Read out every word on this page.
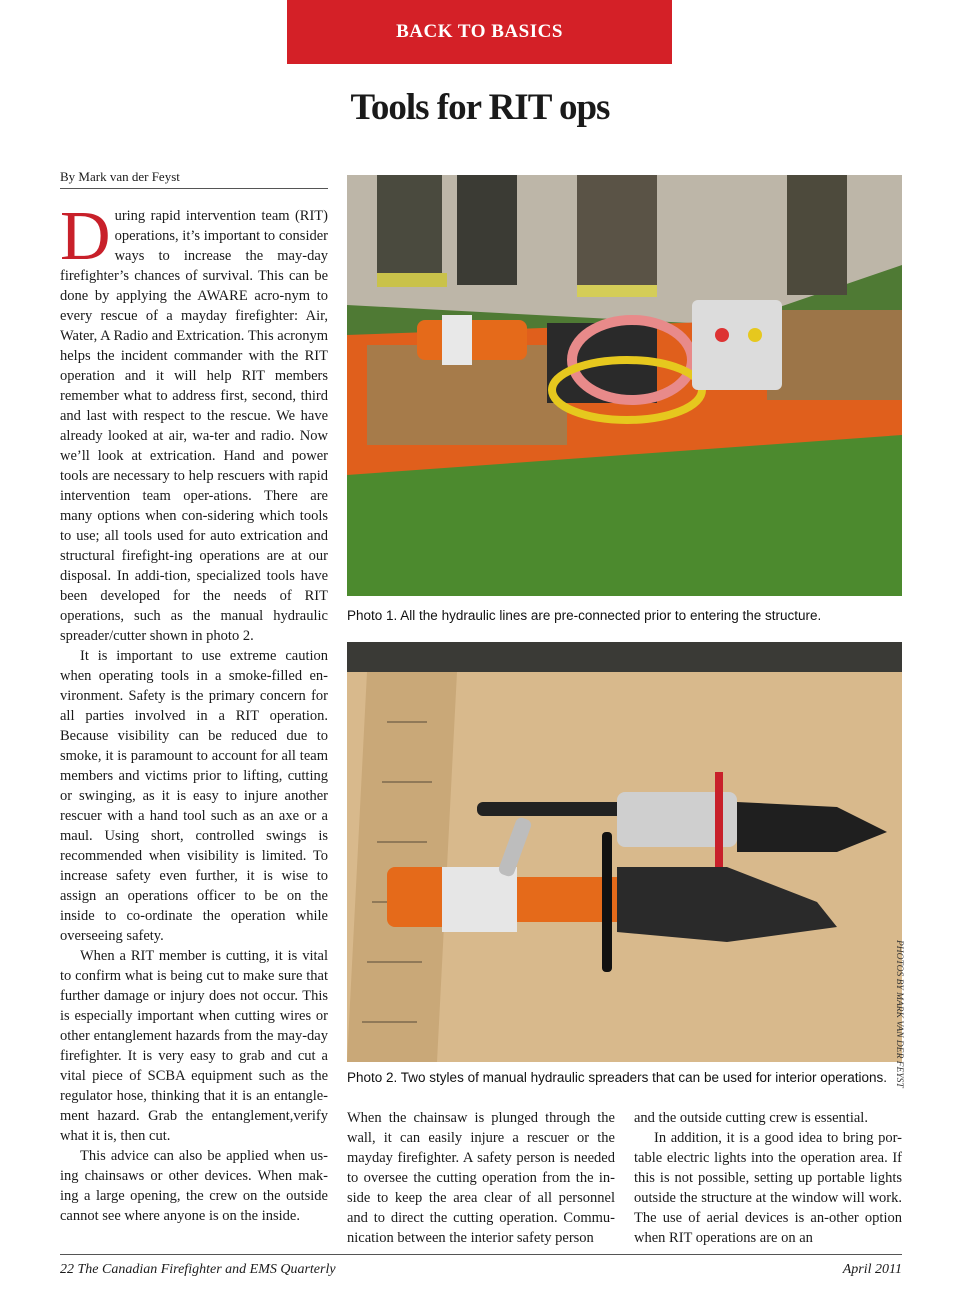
BACK TO BASICS
Tools for RIT ops
By Mark van der Feyst

During rapid intervention team (RIT) operations, it’s important to consider ways to increase the may-day firefighter’s chances of survival. This can be done by applying the AWARE acro-nym to every rescue of a mayday firefighter: Air, Water, A Radio and Extrication. This acronym helps the incident commander with the RIT operation and it will help RIT members remember what to address first, second, third and last with respect to the rescue. We have already looked at air, wa-ter and radio. Now we’ll look at extrication. Hand and power tools are necessary to help rescuers with rapid intervention team oper-ations. There are many options when con-sidering which tools to use; all tools used for auto extrication and structural firefight-ing operations are at our disposal. In addi-tion, specialized tools have been developed for the needs of RIT operations, such as the manual hydraulic spreader/cutter shown in photo 2.

It is important to use extreme caution when operating tools in a smoke-filled en-vironment. Safety is the primary concern for all parties involved in a RIT operation. Because visibility can be reduced due to smoke, it is paramount to account for all team members and victims prior to lifting, cutting or swinging, as it is easy to injure another rescuer with a hand tool such as an axe or a maul. Using short, controlled swings is recommended when visibility is limited. To increase safety even further, it is wise to assign an operations officer to be on the inside to co-ordinate the operation while overseeing safety.

When a RIT member is cutting, it is vital to confirm what is being cut to make sure that further damage or injury does not occur. This is especially important when cutting wires or other entanglement hazards from the may-day firefighter. It is very easy to grab and cut a vital piece of SCBA equipment such as the regulator hose, thinking that it is an entangle-ment hazard. Grab the entanglement,verify what it is, then cut.

This advice can also be applied when us-ing chainsaws or other devices. When mak-ing a large opening, the crew on the outside cannot see where anyone is on the inside.

Photo 1. All the hydraulic lines are pre-connected prior to entering the structure.
Photo 2. Two styles of manual hydraulic spreaders that can be used for interior operations. PHOTOS BY MARK VAN DER FEYST

When the chainsaw is plunged through the wall, it can easily injure a rescuer or the mayday firefighter. A safety person is needed to oversee the cutting operation from the in-side to keep the area clear of all personnel and to direct the cutting operation. Commu-nication between the interior safety person

and the outside cutting crew is essential.

In addition, it is a good idea to bring por-table electric lights into the operation area. If this is not possible, setting up portable lights outside the structure at the window will work. The use of aerial devices is an-other option when RIT operations are on an

22 The Canadian Firefighter and EMS Quarterly	April 2011
